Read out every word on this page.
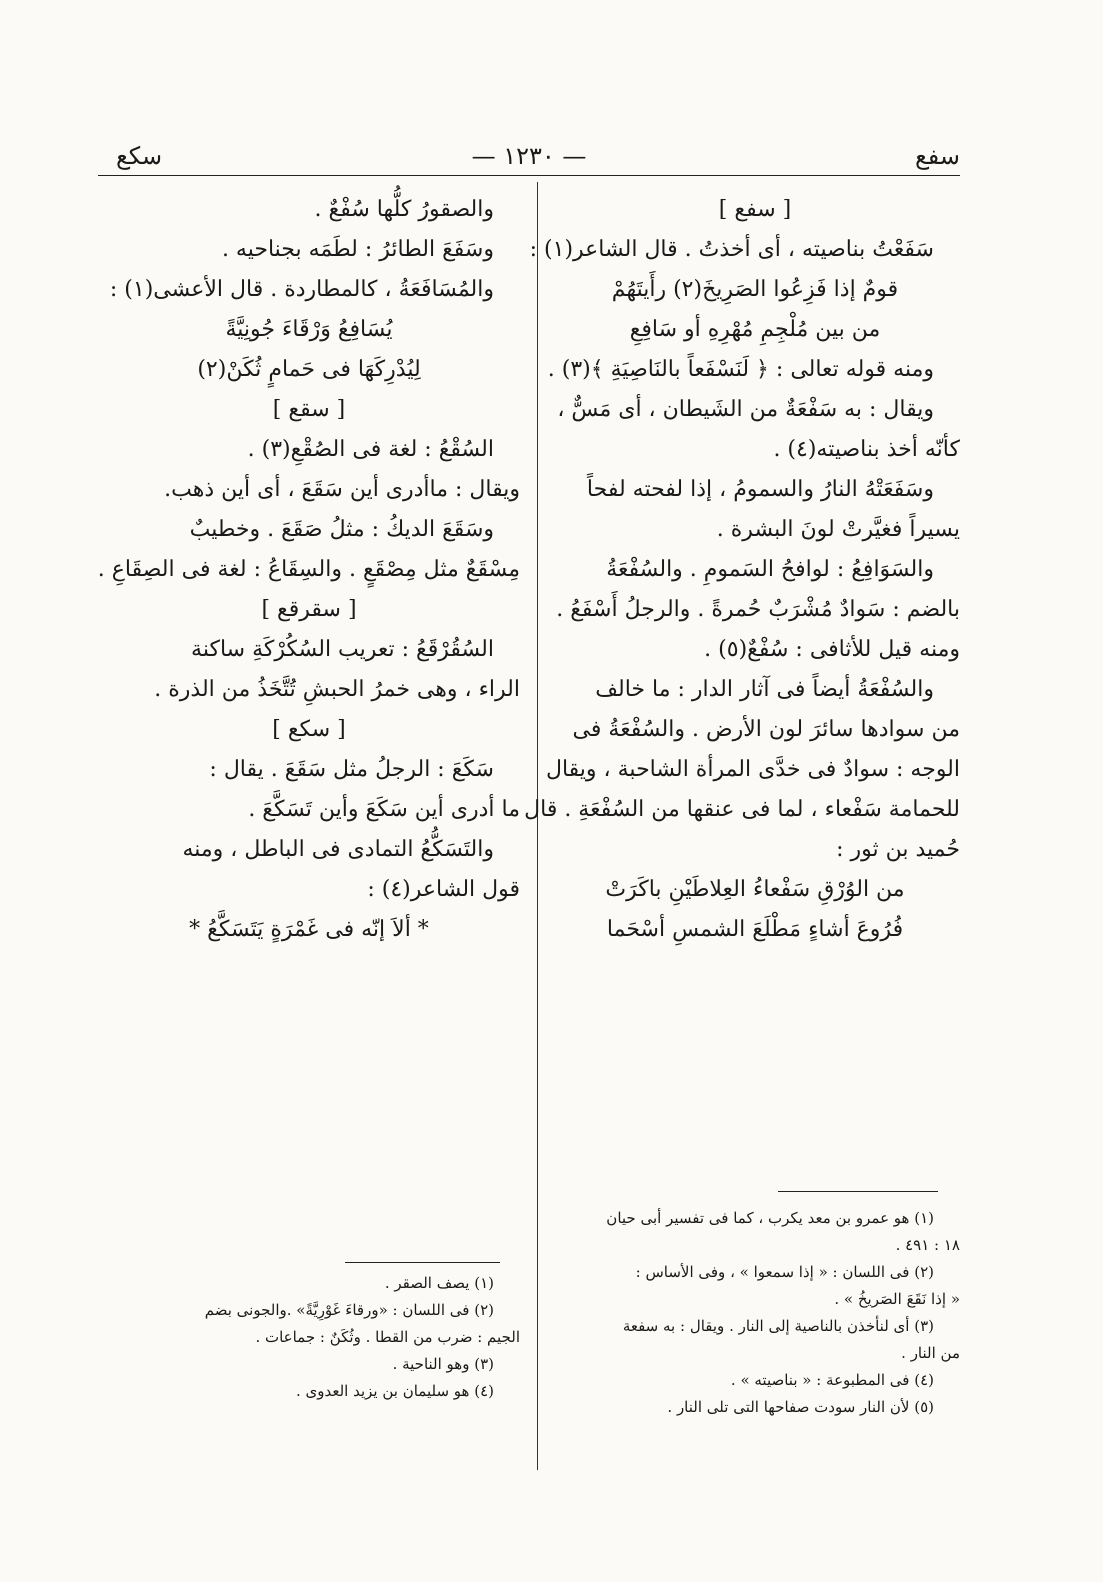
سفع
— ١٢٣٠ —
سكع
[ سفع ]
سَفَعْتُ بناصيته ، أى أخذتُ . قال الشاعر(١) :
قومٌ إذا فَزِعُوا الصَرِيخَ(٢) رأَيتَهُمْ
من بين مُلْجِمِ مُهْرِهِ أو سَافِعِ
ومنه قوله تعالى : ﴿ لَنَسْفَعاً بالنَاصِيَةِ ﴾(٣) .
ويقال : به سَفْعَةٌ من الشَيطان ، أى مَسٌّ ،
كأنّه أخذ بناصيته(٤) .
وسَفَعَتْهُ النارُ والسمومُ ، إذا لفحته لفحاً
يسيراً فغيَّرتْ لونَ البشرة .
والسَوَافِعُ : لوافحُ السَمومِ . والسُفْعَةُ
بالضم : سَوادٌ مُشْرَبٌ حُمرةً . والرجلُ أَسْفَعُ .
ومنه قيل للأثافى : سُفْعٌ(٥) .
والسُفْعَةُ أيضاً فى آثار الدار : ما خالف
من سوادها سائرَ لون الأرض . والسُفْعَةُ فى
الوجه : سوادٌ فى خدَّى المرأة الشاحبة ، ويقال
للحمامة سَفْعاء ، لما فى عنقها من السُفْعَةِ . قال
حُميد بن ثور :
من الوُرْقِ سَفْعاءُ العِلاطَيْنِ باكَرَتْ
فُرُوعَ أشاءٍ مَطْلَعَ الشمسِ أسْحَما
والصقورُ كلُّها سُفْعٌ .
وسَفَعَ الطائرُ : لطَمَه بجناحيه .
والمُسَافَعَةُ ، كالمطاردة . قال الأعشى(١) :
يُسَافِعُ وَرْقَاءَ جُونِيَّةً
لِيُدْرِكَهَا فى حَمامٍ ثُكَنْ(٢)
[ سقع ]
السُقْعُ : لغة فى الصُقْعِ(٣) .
ويقال : ماأدرى أين سَقَعَ ، أى أين ذهب.
وسَقَعَ الديكُ : مثلُ صَقَعَ . وخطيبٌ
مِسْقَعٌ مثل مِصْقَعٍ . والسِقَاعُ : لغة فى الصِقَاعِ .
[ سقرقع ]
السُقُرْقَعُ : تعريب السُكُرْكَةِ ساكنة
الراء ، وهى خمرُ الحبشِ تُتَّخَذُ من الذرة .
[ سكع ]
سَكَعَ : الرجلُ مثل سَقَعَ . يقال :
ما أدرى أين سَكَعَ وأين تَسَكَّعَ .
والتَسَكُّعُ التمادى فى الباطل ، ومنه
قول الشاعر(٤) :
* ألاَ إنّه فى غَمْرَةٍ يَتَسَكَّعُ *
(١) هو عمرو بن معد يكرب ، كما فى تفسير أبى حيان
١٨ : ٤٩١ .
(٢) فى اللسان : « إذا سمعوا » ، وفى الأساس :
« إذا نَقَعَ الصَريخُ » .
(٣) أى لنأخذن بالناصية إلى النار . ويقال : به سفعة
من النار .
(٤) فى المطبوعة : « بناصيته » .
(٥) لأن النار سودت صفاحها التى تلى النار .
(١) يصف الصقر .
(٢) فى اللسان : «ورقاءَ غَوْرِيَّةً» .والجونى بضم
الجيم : ضرب من القطا . وثُكَنٌ : جماعات .
(٣) وهو الناحية .
(٤) هو سليمان بن يزيد العدوى .
